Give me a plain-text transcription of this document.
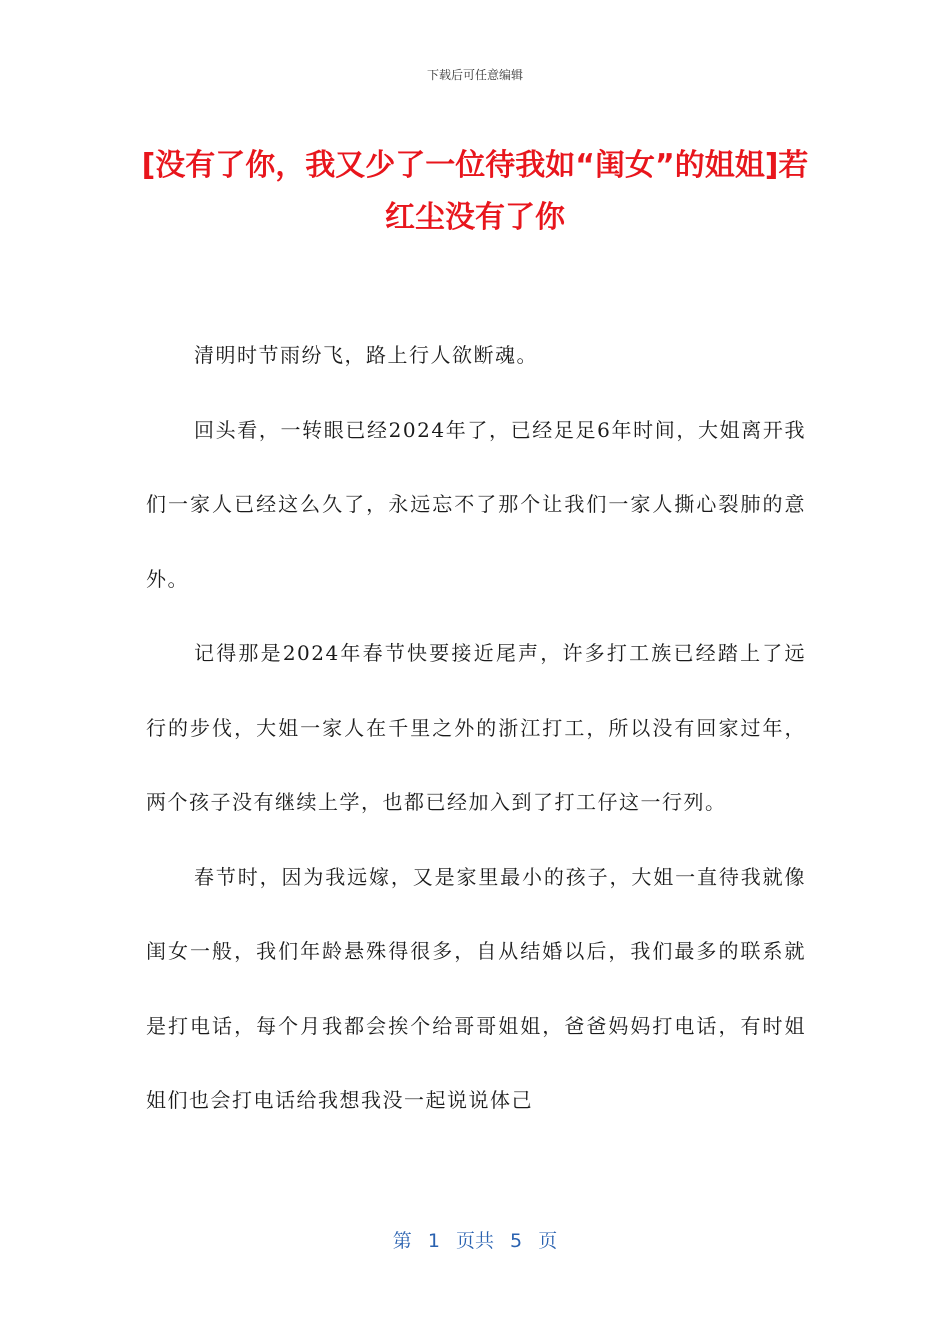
下载后可任意编辑
[没有了你，我又少了一位待我如“闺女”的姐姐]若红尘没有了你

清明时节雨纷飞，路上行人欲断魂。

回头看，一转眼已经2024年了，已经足足6年时间，大姐离开我们一家人已经这么久了，永远忘不了那个让我们一家人撕心裂肺的意外。

记得那是2024年春节快要接近尾声，许多打工族已经踏上了远行的步伐，大姐一家人在千里之外的浙江打工，所以没有回家过年，两个孩子没有继续上学，也都已经加入到了打工仔这一行列。

春节时，因为我远嫁，又是家里最小的孩子，大姐一直待我就像闺女一般，我们年龄悬殊得很多，自从结婚以后，我们最多的联系就是打电话，每个月我都会挨个给哥哥姐姐，爸爸妈妈打电话，有时姐姐们也会打电话给我想我没一起说说体己

第 1 页共 5 页
